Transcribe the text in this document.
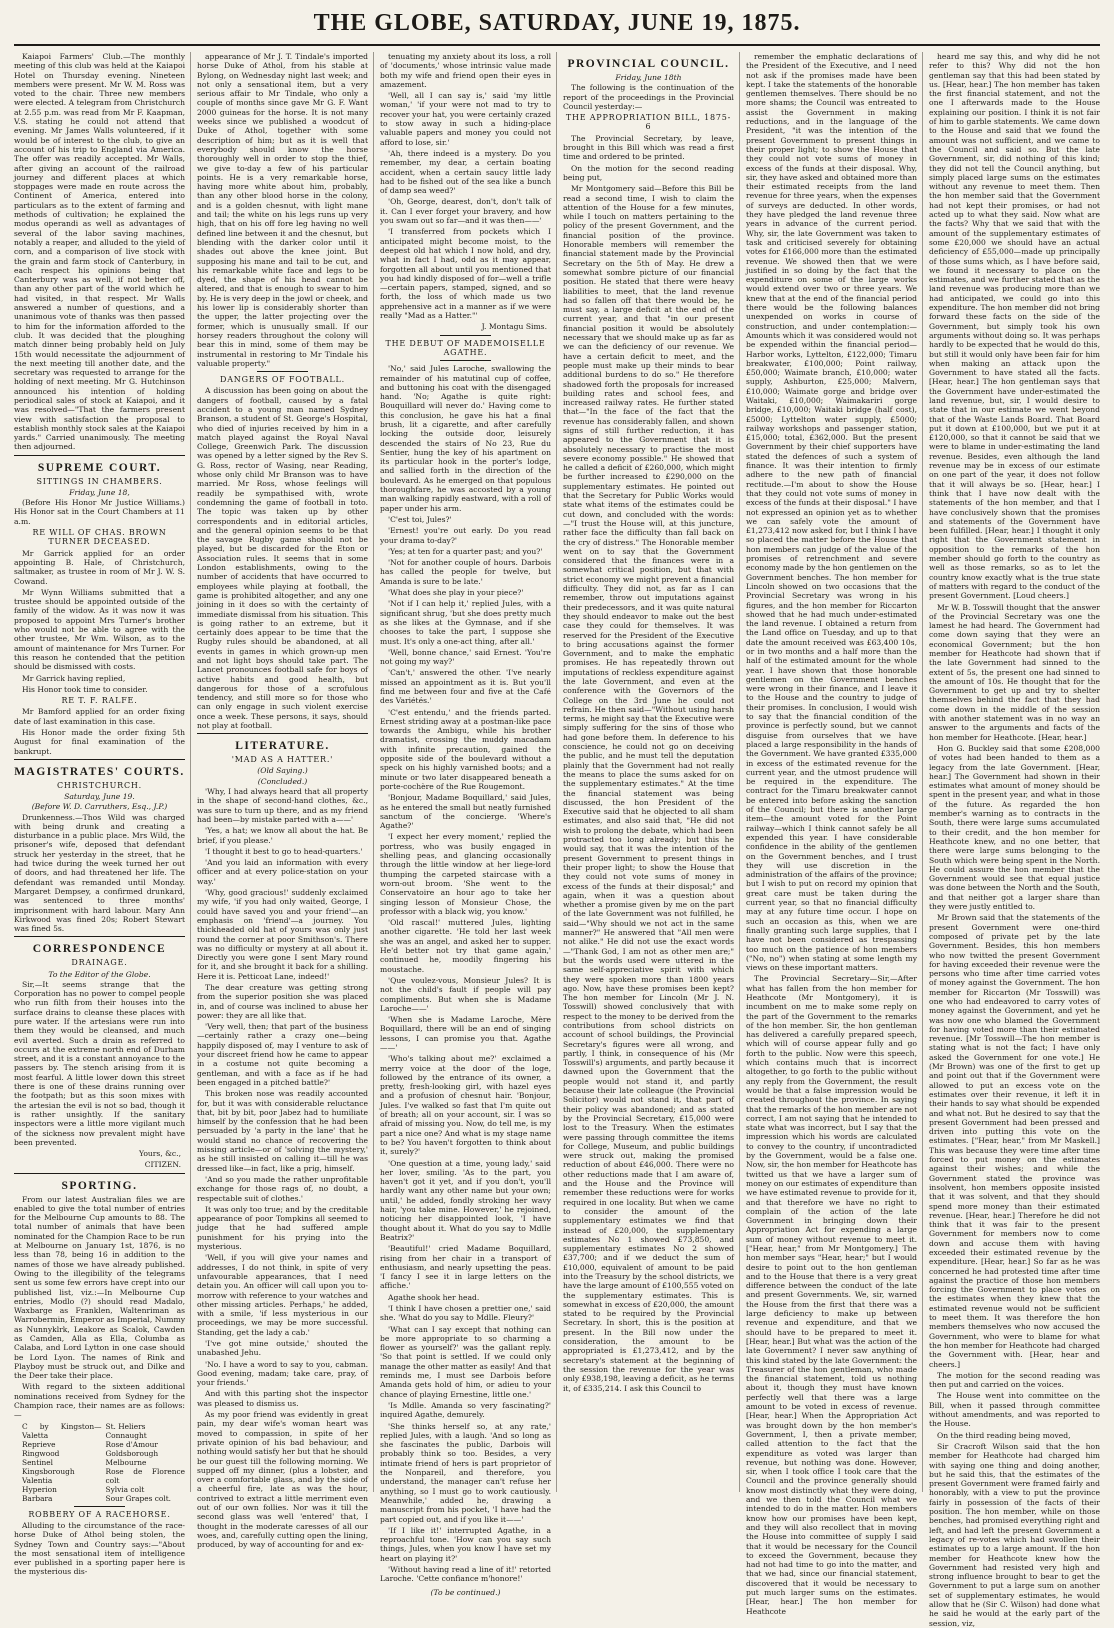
THE GLOBE, SATURDAY, JUNE 19, 1875.

Kaiapoi Farmers' Club.—The monthly meeting of this club was held at the Kaiapoi Hotel on Thursday evening. Nineteen members were present. Mr W. M. Ross was voted to the chair. Three new members were elected. A telegram from Christchurch at 2.55 p.m. was read from Mr F. Kaapman, V.S. stating he could not attend that evening. Mr James Walls volunteered, if it would be of interest to the club, to give an account of his trip to England via America. The offer was readily accepted. Mr Walls, after giving an account of the railroad journey and different places at which stoppages were made en route across the Continent of America, entered into particulars as to the extent of farming and methods of cultivation; he explained the modus operandi as well as advantages of several of the labor saving machines, notably a reaper, and alluded to the yield of corn, and a comparison of live stock with the grain and farm stock of Canterbury, in each respect his opinions being that Canterbury was as well, if not better off, than any other part of the world which he had visited, in that respect. Mr Walls answered a number of questions, and a unanimous vote of thanks was then passed to him for the information afforded to the club. It was decided that the ploughing match dinner being probably held on July 15th would necessitate the adjournment of the next meeting till another date, and the secretary was requested to arrange for the holding of next meeting. Mr G. Hutchinson announced his intention of holding periodical sales of stock at Kaiapoi, and it was resolved—"That the farmers present view with satisfaction the proposal to establish monthly stock sales at the Kaiapoi yards." Carried unanimously. The meeting then adjourned.

SUPREME COURT.
SITTINGS IN CHAMBERS.
Friday, June 18,

(Before His Honor Mr Justice Williams.) His Honor sat in the Court Chambers at 11 a.m.

RE WILL OF CHAS. BROWN TURNER DECEASED.

Mr Garrick applied for an order appointing B. Hale, of Christchurch, saltmaker, as trustee in room of Mr J. W. S. Cowand.

Mr Wynn Williams submitted that a trustee should be appointed outside of the family of the widow. As it was now it was proposed to appoint Mrs Turner's brother who would not be able to agree with the other trustee, Mr Wm. Wilson, as to the amount of maintenance for Mrs Turner. For this reason he contended that the petition should be dismissed with costs.

Mr Garrick having replied,

His Honor took time to consider.

RE T. F. RALFE.

Mr Bamford applied for an order fixing date of last examination in this case.

His Honor made the order fixing 5th August for final examination of the bankrupt.

MAGISTRATES' COURTS.
CHRISTCHURCH.
Saturday, June 19.
(Before W. D. Carruthers, Esq., J.P.)

Drunkenness.—Thos Wild was charged with being drunk and creating a disturbance in a public place. Mrs Wild, the prisoner's wife, deposed that defendant struck her yesterday in the street, that he had twice during the week turned her out of doors, and had threatened her life. The defendant was remanded until Monday. Margaret Dempsey, a confirmed drunkard, was sentenced to three months' imprisonment with hard labour. Mary Ann Kirkwood was fined 20s; Robert Stewart was fined 5s.

CORRESPONDENCE
DRAINAGE.
To the Editor of the Globe.

Sir,—It seems strange that the Corporation has no power to compel people who run filth from their houses into the surface drains to cleanse these places with pure water. If the artesians were run into them they would be cleansed, and much evil averted. Such a drain as referred to occurs at the extreme north end of Durham street, and it is a constant annoyance to the passers by. The stench arising from it is most fearful. A little lower down this street there is one of these drains running over the footpath; but as this soon mixes with the artesian the evil is not so bad, though it is rather unsightly. If the sanitary inspectors were a little more vigilant much of the sickness now prevalent might have been prevented.

Yours, &c.,
CITIZEN.
SPORTING.

From our latest Australian files we are enabled to give the total number of entries for the Melbourne Cup amounts to 88. The total number of animals that have been nominated for the Champion Race to be run at Melbourne on January 1st, 1876, is no less than 78, being 16 in addition to the names of those we have already published. Owing to the illegibility of the telegrams sent us some few errors have crept into our published list, viz.:—In Melbourne Cup entries, Modlo (?) should read Madalo, Waxbarge as Franklen, Waltenriman as Warrobermin, Emperor as Imperial, Nummy as Nunnyklrk, Leakore as Scalok, Cawden as Camden, Alla as Ella, Columba as Calaba, and Lord Lytton in one case should be Lord Lyon. The names of Rink and Playboy must be struck out, and Dilke and the Deer take their place.

With regard to the sixteen additional nominations received from Sydney for the Champion race, their names are as follows:—

C by Kingston—Valetta
Reprieve
Ringwood
Sentinel
Kingsborough
Valentia
Hyperion
Barbara
St. Heliers
Connaught
Rose d'Amour
Goldsborough
Melbourne
Rose de Florence colt
Sylvia colt
Sour Grapes colt.
ROBBERY OF A RACEHORSE.

Alluding to the circumstance of the race-horse Duke of Athol being stolen, the Sydney Town and Country says:—"About the most sensational item of intelligence ever published in a sporting paper here is the mysterious dis-

appearance of Mr J. T. Tindale's imported horse Duke of Athol, from his stable at Bylong, on Wednesday night last week; and not only a sensational item, but a very serious affair to Mr Tindale, who only a couple of months since gave Mr G. F. Want 2000 guineas for the horse. It is not many weeks since we published a woodcut of Duke of Athol, together with some description of him; but as it is well that everybody should know the horse thoroughly well in order to stop the thief, we give to-day a few of his particular points. He is a very remarkable horse, having more white about him, probably, than any other blood horse in the colony, and is a golden chesnut, with light mane and tail; the white on his legs runs up very high, that on his off fore leg having no well defined line between it and the chesnut, but blending with the darker color until it shades out above the knee joint. But supposing his mane and tail to be cut, and his remarkable white face and legs to be dyed, the shape of his head cannot be altered, and that is enough to swear to him by. He is very deep in the jowl or cheek, and his lower lip is considerably shorter than the upper, the latter projecting over the former, which is unusually small. If our horsey readers throughout the colony will bear this in mind, some of them may be instrumental in restoring to Mr Tindale his valuable property."

DANGERS OF FOOTBALL.

A discussion has been going on about the dangers of football, caused by a fatal accident to a young man named Sydney Branson, a student of St. George's Hospital, who died of injuries received by him in a match played against the Royal Naval College, Greenwich Park. The discussion was opened by a letter signed by the Rev S. G. Ross, rector of Wasing, near Reading, whose only child Mr Branson was to have married. Mr Ross, whose feelings will readily be sympathised with, wrote condemning the game of football in toto. The topic was taken up by other correspondents and in editorial articles, and the general opinion seems to be that the savage Rugby game should not be played, but be discarded for the Eton or Association rules. It seems that in some London establishments, owing to the number of accidents that have occurred to employees while playing at football, the game is prohibited altogether, and any one joining in it does so with the certainty of immediate dismissal from his situation. This is going rather to an extreme, but it certainly does appear to be time that the Rugby rules should be abandoned, at all events in games in which grown-up men and not light boys should take part. The Lancet pronounces football safe for boys of active habits and good health, but dangerous for those of a scrofulous tendency, and still more so for those who can only engage in such violent exercise once a week. These persons, it says, should not play at football.

LITERATURE.
'MAD AS A HATTER.'
(Old Saying.)
(Concluded.)

'Why, I had always heard that all property in the shape of second-hand clothes, &c., was sure to turn up there, and as my friend had been—by mistake parted with a——'

'Yes, a hat; we know all about the hat. Be brief, if you please.'

'I thought it best to go to head-quarters.'

'And you laid an information with every officer and at every police-station on your way.'

'Why, good gracious!' suddenly exclaimed my wife, 'if you had only waited, George, I could have saved you and your friend'—an emphasis on 'friend'—a journey. You thickheaded old hat of yours was only just round the corner at poor Smithson's. There was no difficulty or mystery at all about it. Directly you were gone I sent Mary round for it, and she brought it back for a shilling. Here it is. Petticoat Lane, indeed!'

The dear creature was getting strong from the superior position she was placed in, and of course was inclined to abuse her power: they are all like that.

'Very well, then; that part of the business—certainly rather a crazy one—being happily disposed of, may I venture to ask of your discreet friend how he came to appear in a costume not quite becoming a gentleman, and with a face as if he had been engaged in a pitched battle?'

This broken nose was readily accounted for, but it was with considerable reluctance that, bit by bit, poor Jabez had to humiliate himself by the confession that he had been persuaded by 'a party in the lane' that he would stand no chance of recovering the missing article—or of 'solving the mystery,' as he still insisted on calling it—till he was dressed like—in fact, like a prig, himself.

'And so you made the rather unprofitable exchange for those rags of, no doubt, a respectable suit of clothes.'

It was only too true; and by the creditable appearance of poor Tompkins all seemed to judge that he had suffered ample punishment for his prying into the mysterious.

'Well, if you will give your names and addresses, I do not think, in spite of very unfavourable appearances, that I need detain you. An officer will call upon you to-morrow with reference to your watches and other missing articles. Perhaps,' he added, with a smile, 'if less mysterious in our proceedings, we may be more successful. Standing, get the lady a cab.'

'I've got mine outside,' shouted the unabashed Jehu.

'No. I have a word to say to you, cabman. Good evening, madam; take care, pray, of your friends.'

And with this parting shot the inspector was pleased to dismiss us.

As my poor friend was evidently in great pain, my dear wife's woman heart was moved to compassion, in spite of her private opinion of his bad behaviour, and nothing would satisfy her but that he should be our guest till the following morning. We supped off my dinner, (plus a lobster, and over a comfortable glass, and by the side of a cheerful fire, late as was the hour, contrived to extract a little merriment even out of our own follies. Nor was it till the second glass was well 'entered' that, I thought in the moderate caresses of all our woes, and, carefully cutting open the lining, produced, by way of accounting for and ex-

tenuating my anxiety about its loss, a roll of 'documents,' whose intrinsic value made both my wife and friend open their eyes in amazement.

'Well, all I can say is,' said 'my little woman,' 'if your were not mad to try to recover your hat, you were certainly crazed to stow away in such a hiding-place valuable papers and money you could not afford to lose, sir.'

'Ah, there indeed is a mystery. Do you remember, my dear, a certain boating accident, when a certain saucy little lady had to be fished out of the sea like a bunch of damp sea weed?'

'Oh, George, dearest, don't, don't talk of it. Can I ever forget your bravery, and how you swam out so far—and it was then——'

'I transferred from pockets which I anticipated might become moist, to the deepest old hat which I now hold, and dry, what in fact I had, odd as it may appear, forgotten all about until you mentioned that you had kindly disposed of for—well a trifle—certain papers, stamped, signed, and so forth, the loss of which made us two apprehensive act in a manner as if we were really "Mad as a Hatter."'

J. Montagu Sims.
THE DEBUT OF MADEMOISELLE AGATHE.

'No,' said Jules Laroche, swallowing the remainder of his matutinal cup of coffee, and buttoning his coat with the disengaged hand. 'No; Agathe is quite right: Bouquillard will never do.' Having come to this conclusion, he gave his hat a final brush, lit a cigarette, and after carefully locking the outside door, leisurely descended the stairs of No 23, Rue du Sentier, hung the key of his apartment on its particular hook in the porter's lodge, and sallied forth in the direction of the boulevard. As he emerged on that populous thoroughfare, he was accosted by a young man walking rapidly eastward, with a roll of paper under his arm.

'C'est toi, Jules?'

'Ernest! you're out early. Do you read your drama to-day?'

'Yes; at ten for a quarter past; and you?'

'Not for another couple of hours. Darbois has called the people for twelve, but Amanda is sure to be late.'

'What does she play in your piece?'

'Not if I can help it,' replied Jules, with a significant shrug, 'but she does pretty much as she likes at the Gymnase, and if she chooses to take the part, I suppose she must. It's only a one-act thing, after all.'

'Well, bonne chance,' said Ernest. 'You're not going my way?'

'Can't,' answered the other. 'I've nearly missed an appointment as it is. But you'll find me between four and five at the Café des Variétés.'

'C'est entendu,' and the friends parted. Ernest striding away at a postman-like pace towards the Ambigu, while his brother dramatist, crossing the muddy macadam with infinite precaution, gained the opposite side of the boulevard without a speck on his highly varnished boots; and a minute or two later disappeared beneath a porte-cochère of the Rue Rougemont.

'Bonjour, Madame Boquillard,' said Jules, as he entered the small but neatly furnished sanctum of the concierge. 'Where's Agathe?'

'I expect her every moment,' replied the portress, who was busily engaged in shelling peas, and glancing occasionally through the little window at her liege-lord thumping the carpeted staircase with a worn-out broom. 'She went to the Conservatoire an hour ago to take her singing lesson of Monsieur Chose, the professor with a black wig, you know.'

'Old rascal!' muttered Jules, lighting another cigarette. 'He told her last week she was an angel, and asked her to supper. He'd better not try that game again,' continued he, moodily fingering his moustache.

'Que voulez-vous, Monsieur Jules? It is not the child's fault if people will pay compliments. But when she is Madame Laroche——'

'When she is Madame Laroche, Mère Boquillard, there will be an end of singing lessons, I can promise you that. Agathe ——'

'Who's talking about me?' exclaimed a merry voice at the door of the loge, followed by the entrance of its owner, a pretty, fresh-looking girl, with hazel eyes and a profusion of chesnut hair. 'Bonjour, Jules. I've walked so fast that I'm quite out of breath; all on your account, sir. I was so afraid of missing you. Now, do tell me, is my part a nice one? And what is my stage name to be? You haven't forgotten to think about it, surely?'

'One question at a time, young lady,' said her lover, smiling. 'As to the part, you haven't got it yet, and if you don't, you'll hardly want any other name but your own; until,' he added, fondly stroking her wavy hair, 'you take mine. However,' he rejoined, noticing her disappointed look, 'I have thought about it. What do you say to Mdlle Beatrix?'

'Beautiful!' cried Madame Boquillard, rising from her chair in a transport of enthusiasm, and nearly upsetting the peas. 'I fancy I see it in large letters on the affiche.'

Agathe shook her head.

'I think I have chosen a prettier one,' said she. 'What do you say to Mdlle. Fleury?'

'What can I say except that nothing can be more appropriate to so charming a flower as yourself?' was the gallant reply. 'So that point is settled. If we could only manage the other matter as easily! And that reminds me, I must see Darbois before Amanda gets hold of him, or adieu to your chance of playing Ernestine, little one.'

'Is Mdlle. Amanda so very fascinating?' inquired Agathe, demurely.

'She thinks herself so, at any rate,' replied Jules, with a laugh. 'And so long as she fascinates the public, Darbois will probably think so too. Besides, a very intimate friend of hers is part proprietor of the Nonpareil, and therefore, you understand, the manager can't refuse her anything, so I must go to work cautiously. Meanwhile,' added he, drawing a manuscript from his pocket, 'I have had the part copied out, and if you like it——'

'If I like it!' interrupted Agathe, in a reproachful tone. 'How can you say such things, Jules, when you know I have set my heart on playing it?'

'Without having read a line of it!' retorted Laroche. 'Cette confiance m'honore!'

(To be continued.)
PROVINCIAL COUNCIL.
Friday, June 18th

The following is the continuation of the report of the proceedings in the Provincial Council yesterday:—

THE APPROPRIATION BILL, 1875-6

The Provincial Secretary, by leave, brought in this Bill which was read a first time and ordered to be printed.

On the motion for the second reading being put,

Mr Montgomery said—Before this Bill be read a second time, I wish to claim the attention of the House for a few minutes, while I touch on matters pertaining to the policy of the present Government, and the financial position of the province. Honorable members will remember the financial statement made by the Provincial Secretary on the 5th of May. He drew a somewhat sombre picture of our financial position. He stated that there were heavy liabilities to meet, that the land revenue had so fallen off that there would be, he must say, a large deficit at the end of the current year, and that "in our present financial position it would be absolutely necessary that we should make up as far as we can the deficiency of our revenue. We have a certain deficit to meet, and the people must make up their minds to bear additional burdens to do so." He therefore shadowed forth the proposals for increased building rates and school fees, and increased railway rates. He further stated that—"In the face of the fact that the revenue has considerably fallen, and shown signs of still further reduction, it has appeared to the Government that it is absolutely necessary to practise the most severe economy possible." He showed that he called a deficit of £260,000, which might be further increased to £290,000 on the supplementary estimates. He pointed out that the Secretary for Public Works would state what items of the estimates could be cut down, and concluded with the words:—"I trust the House will, at this juncture, rather face the difficulty than fall back on the cry of distress." The Honorable member went on to say that the Government considered that the finances were in a somewhat critical position, but that with strict economy we might prevent a financial difficulty. They did not, as far as I can remember, throw out imputations against their predecessors, and it was quite natural they should endeavor to make out the best case they could for themselves. It was reserved for the President of the Executive to bring accusations against the former Government, and to make the emphatic promises. He has repeatedly thrown out imputations of reckless expenditure against the late Government, and even at the conference with the Governors of the College on the 3rd June he could not refrain. He then said—"Without using harsh terms, he might say that the Executive were simply suffering for the sins of those who had gone before them. In deference to his conscience, he could not go on deceiving the public, and he must tell the deputation plainly that the Government had not really the means to place the sums asked for on the supplementary estimates." At the time the financial statement was being discussed, the hon President of the Executive said that he objected to all sham estimates, and also said that, "He did not wish to prolong the debate, which had been protracted too long already; but this he would say, that it was the intention of the present Government to present things in their proper light; to show the House that they could not vote sums of money in excess of the funds at their disposal;" and again, when it was a question about whether a promise given by me on the part of the late Government was not fulfilled, he said—"Why should we not act in the same manner?" He answered that "All men were not alike." He did not use the exact words—"Thank God, I am not as other men are;" but the words used were uttered in the same self-appreciative spirit with which they were spoken more than 1800 years ago. Now, have these promises been kept? The hon member for Lincoln (Mr J. N. Tosswill) showed conclusively that with respect to the money to be derived from the contributions from school districts on account of school buildings, the Provincial Secretary's figures were all wrong, and partly, I think, in consequence of his (Mr Tosswill's) arguments, and partly because it dawned upon the Government that the people would not stand it, and partly because their late colleague (the Provincial Solicitor) would not stand it, that part of their policy was abandoned; and as stated by the Provincial Secretary, £15,000 were lost to the Treasury. When the estimates were passing through committee the items for College, Museum, and public buildings were struck out, making the promised reduction of about £46,000. There were no other reductions made that I am aware of, and the House and the Province will remember these reductions were for works required in one locality. But when we came to consider the amount of the supplementary estimates we find that instead of £20,000, the supplementary estimates No 1 showed £73,850, and supplementary estimates No 2 showed £37,700; and if we deduct the sum of £10,000, equivalent of amount to be paid into the Treasury by the school districts, we have the large amount of £100,555 voted on the supplementary estimates. This is somewhat in excess of £20,000, the amount stated to be required by the Provincial Secretary. In short, this is the position at present. In the Bill now under the consideration, the amount to be appropriated is £1,273,412, and by the secretary's statement at the beginning of the session the revenue for the year was only £938,198, leaving a deficit, as he terms it, of £335,214. I ask this Council to

remember the emphatic declarations of the President of the Executive, and I need not ask if the promises made have been kept. I take the statements of the honorable gentlemen themselves. There should be no more shams; the Council was entreated to assist the Government in making reductions, and in the language of the President, "it was the intention of the present Government to present things in their proper light; to show the House that they could not vote sums of money in excess of the funds at their disposal. Why, sir, they have asked and obtained more than their estimated receipts from the land revenue for three years, when the expenses of surveys are deducted. In other words, they have pledged the land revenue three years in advance of the current period. Why, sir, the late Government was taken to task and criticised severely for obtaining votes for £166,000 more than the estimated revenue. We showed then that we were justified in so doing by the fact that the expenditure on some of the large works would extend over two or three years. We knew that at the end of the financial period there would be the following balances unexpended on works in course of construction, and under contemplation:—Amounts which it was considered would not be expended within the financial period—Harbor works, Lyttelton, £122,000; Timaru breakwater, £100,000; Point railway, £50,000; Waimate branch, £10,000; water supply, Ashburton, £25,000; Malvern, £10,000; Waimate gorge and bridge over Waitaki, £10,000; Waimakariri gorge bridge, £10,000; Waitaki bridge (half cost), £5000; Lyttelton water supply, £5000; railway workshops and passenger station, £15,000; total, £362,000. But the present Government by their chief supporters have stated the defences of such a system of finance. It was their intention to firmly adhere to the new path of financial rectitude.—I'm about to show the House that they could not vote sums of money in excess of the funds at their disposal." I have not expressed an opinion yet as to whether we can safely vote the amount of £1,273,412 now asked for, but I think I have so placed the matter before the House that hon members can judge of the value of the promises of retrenchment and severe economy made by the hon gentlemen on the Government benches. The hon member for Lincoln showed on two occasions that the Provincial Secretary was wrong in his figures, and the hon member for Riccarton showed that he had much under-estimated the land revenue. I obtained a return from the Land office on Tuesday, and up to that date the amount received was £63,400 10s, or in two months and a half more than the half of the estimated amount for the whole year. I have shown that those honorable gentlemen on the Government benches were wrong in their finance, and I leave it to the House and the country to judge of their promises. In conclusion, I would wish to say that the financial condition of the province is perfectly sound, but we cannot disguise from ourselves that we have placed a large responsibility in the hands of the Government. We have granted £335,000 in excess of the estimated revenue for the current year, and the utmost prudence will be required in the expenditure. The contract for the Timaru breakwater cannot be entered into before asking the sanction of the Council; but there is another large item—the amount voted for the Point railway—which I think cannot safely be all expended this year. I have considerable confidence in the ability of the gentlemen on the Government benches, and I trust they will use discretion in the administration of the affairs of the province; but I wish to put on record my opinion that great care must be taken during the current year, so that no financial difficulty may at any future time occur. I hope on such an occasion as this, when we are finally granting such large supplies, that I have not been considered as trespassing too much on the patience of hon members ("No, no") when stating at some length my views on these important matters.

The Provincial Secretary—Sir,—After what has fallen from the hon member for Heathcote (Mr Montgomery), it is incumbent on me to make some reply on the part of the Government to the remarks of the hon member. Sir, the hon gentleman has delivered a carefully prepared speech, which will of course appear fully and go forth to the public. Now were this speech, which contains much that is incorrect altogether, to go forth to the public without any reply from the Government, the result would be that a false impression would be created throughout the province. In saying that the remarks of the hon member are not correct, I am not saying that he intended to state what was incorrect, but I say that the impression which his words are calculated to convey to the country, if uncontradicted by the Government, would be a false one. Now, sir, the hon member for Heathcote has twitted us that we have a larger sum of money on our estimates of expenditure than we have estimated revenue to provide for it, and that therefore we have no right to complain of the action of the late Government in bringing down their Appropriation Act for expending a large sum of money without revenue to meet it. ["Hear, hear," from Mr Montgomery.] The hon member says "Hear, hear;" but I would desire to point out to the hon gentleman and to the House that there is a very great difference between the conduct of the late and present Governments. We, sir, warned the House from the first that there was a large deficiency to make up between revenue and expenditure, and that we should have to be prepared to meet it. [Hear, hear.] But what was the action of the late Government? I never saw anything of this kind stated by the late Government: the Treasurer of the hon gentleman, who made the financial statement, told us nothing about it, though they must have known perfectly well that there was a large amount to be voted in excess of revenue. [Hear, hear.] When the Appropriation Act was brought down by the hon member's Government, I, then a private member, called attention to the fact that the expenditure as voted was larger than revenue, but nothing was done. However, sir, when I took office I took care that the Council and the province generally should know most distinctly what they were doing, and we then told the Council what we intended to do in the matter. Hon members know how our promises have been kept, and they will also recollect that in moving the House into committee of supply I said that it would be necessary for the Council to exceed the Government, because they had not had time to go into the matter, and that we had, since our financial statement, discovered that it would be necessary to put much larger sums on the estimates. [Hear, hear.] The hon member for Heathcote

heard me say this, and why did he not refer to this? Why did not the hon gentleman say that this had been stated by us. [Hear, hear.] The hon member has taken the first financial statement, and not the one I afterwards made to the House explaining our position. I think it is not fair of him to garble statements. We came down to the House and said that we found the amount was not sufficient, and we came to the Council and said so. But the late Government, sir, did nothing of this kind; they did not tell the Council anything, but simply placed large sums on the estimates without any revenue to meet them. Then the hon member said that the Government had not kept their promises, or had not acted up to what they said. Now what are the facts? Why that we said that with the amount of the supplementary estimates of some £20,000 we should have an actual deficiency of £55,000—made up principally of those sums which, as I have before said, we found it necessary to place on the estimates, and we further stated that as the land revenue was producing more than we had anticipated, we could go into this expenditure. The hon member did not bring forward these facts on the side of the Government, but simply took his own arguments without doing so. It was perhaps hardly to be expected that he would do this, but still it would only have been fair for him when making an attack upon the Government to have stated all the facts. [Hear, hear.] The hon gentleman says that the Government have under-estimated the land revenue, but, sir, I would desire to state that in our estimate we went beyond that of the Waste Lands Board. That Board put it down at £100,000, but we put it at £120,000, so that it cannot be said that we were to blame in under-estimating the land revenue. Besides, even although the land revenue may be in excess of our estimate on one part of the year, it does not follow that it will always be so. [Hear, hear.] I think that I have now dealt with the statements of the hon member, and that I have conclusively shown that the promises and statements of the Government have been fulfilled. [Hear, hear.] I thought it only right that the Government statement in opposition to the remarks of the hon member should go forth to the country as well as those remarks, so as to let the country know exactly what is the true state of matters with regard to the conduct of the present Government. [Loud cheers.]

Mr W. B. Tosswill thought that the answer of the Provincial Secretary was one the lamest he had heard. The Government had come down saying that they were an economical Government; but the hon member for Heathcote had shown that if the late Government had sinned to the extent of 5s, the present one had sinned to the amount of 10s. He thought that for the Government to get up and try to shelter themselves behind the fact that they had come down in the middle of the session with another statement was in no way an answer to the arguments and facts of the hon member for Heathcote. [Hear, hear.]

Hon G. Buckley said that some £208,000 of votes had been handed to them as a legacy from the late Government. [Hear, hear.] The Government had shown in their estimates what amount of money should be spent in the present year, and what in those of the future. As regarded the hon member's warning as to contracts in the South, there were large sums accumulated to their credit, and the hon member for Heathcote knew, and no one better, that there were large sums belonging to the South which were being spent in the North. He could assure the hon member that the Government would see that equal justice was done between the North and the South, and that neither got a larger share than they were justly entitled to.

Mr Brown said that the statements of the present Government were one-third composed of private pet by the late Government. Besides, this hon members who now twitted the present Government for having exceeded their revenue were the persons who time after time carried votes of money against the Government. The hon member for Riccarton (Mr Tosswill) was one who had endeavored to carry votes of money against the Government, and yet he was now one who blamed the Government for having voted more than their estimated revenue. [Mr Tosswill—The hon member is stating what is not the fact; I have only asked the Government for one vote.] He (Mr Brown) was one of the first to get up and point out that if the Government were allowed to put an excess vote on the estimates over their revenue, it left it in their hands to say what should be expended and what not. But he desired to say that the present Government had been pressed and driven into putting this vote on the estimates. ["Hear, hear," from Mr Maskell.] This was because they were time after time forced to put money on the estimates against their wishes; and while the Government stated the province was insolvent, hon members opposite insisted that it was solvent, and that they should spend more money than their estimated revenue. [Hear, hear.] Therefore he did not think that it was fair to the present Government for members now to come down and accuse them with having exceeded their estimated revenue by the expenditure. [Hear, hear.] So far as he was concerned he had protested time after time against the practice of those hon members forcing the Government to place votes on the estimates when they knew that the estimated revenue would not be sufficient to meet them. It was therefore the hon members themselves who now accused the Government, who were to blame for what the hon member for Heathcote had charged the Government with. [Hear, hear and cheers.]

The motion for the second reading was then put and carried on the voices.

The House went into committee on the Bill, when it passed through committee without amendments, and was reported to the House.

On the third reading being moved,

Sir Cracroft Wilson said that the hon member for Heathcote had charged him with saying one thing and doing another, but he said this, that the estimates of the present Government were framed fairly and honorably, with a view to put the province fairly in possession of the facts of their position. The hon member, while on those benches, had promised everything right and left, and had left the present Government a legacy of re-votes which had swollen their estimates up to a large amount. If the hon member for Heathcote knew how the Government had resisted very high and strong influence brought to bear to get the Government to put a large sum on another set of supplementary estimates, he would allow that he (Sir C. Wilson) had done what he said he would at the early part of the session, viz,
